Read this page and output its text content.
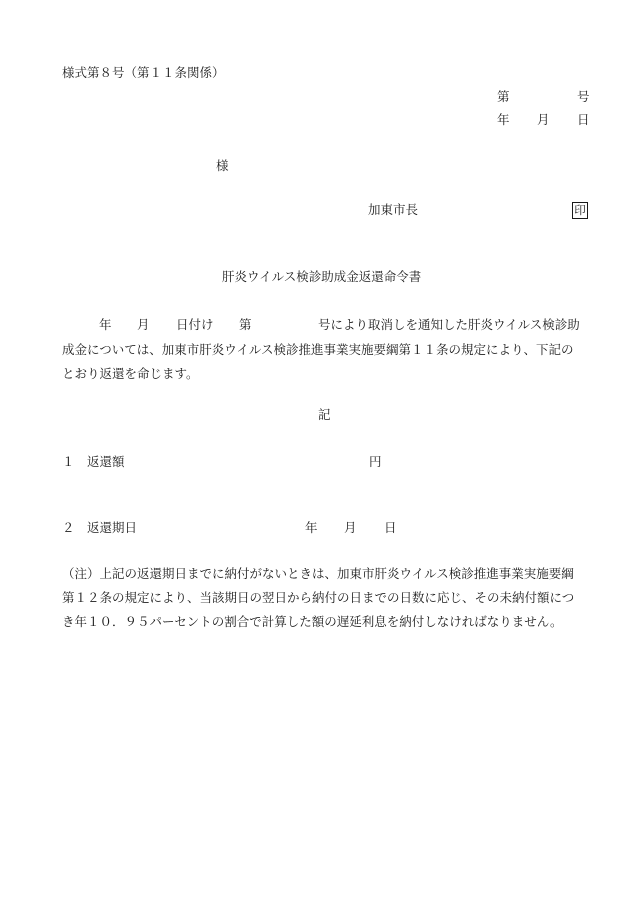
様式第８号（第１１条関係）
第	号
年 月 日
様
加東市長	印
肝炎ウイルス検診助成金返還命令書
年 月 日付け 第	号により取消しを通知した肝炎ウイルス検診助
成金については、加東市肝炎ウイルス検診推進事業実施要綱第１１条の規定により、下記の
とおり返還を命じます。
記
１ 返還額	円
２ 返還期日	年 月 日
（注）上記の返還期日までに納付がないときは、加東市肝炎ウイルス検診推進事業実施要綱
第１２条の規定により、当該期日の翌日から納付の日までの日数に応じ、その未納付額につ
き年１０．９５パーセントの割合で計算した額の遅延利息を納付しなければなりません。
